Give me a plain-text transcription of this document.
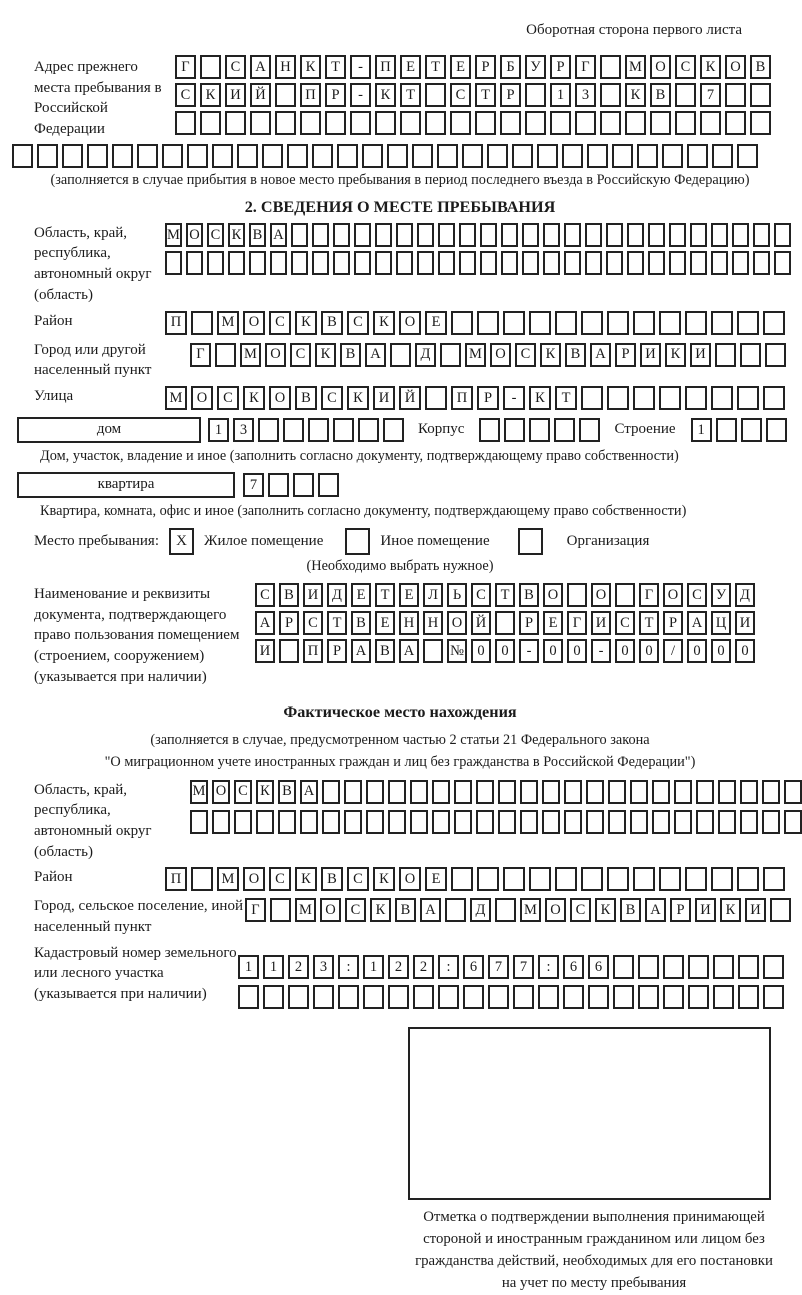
Оборотная сторона первого листа
Адрес прежнего места пребывания в Российской Федерации
Г	С	А	Н	К	Т	-	П	Е	Т	Е	Р	Б	У	Р	Г	М О	С	К	О	В
С	К	И	Й	П	Р	-	К	Т	С	Т	Р	1	3	К	В	7
(заполняется в случае прибытия в новое место пребывания в период последнего въезда в Российскую Федерацию)
2. СВЕДЕНИЯ О МЕСТЕ ПРЕБЫВАНИЯ
Область, край, республика, автономный округ (область)
М О С К В А
Район	П	М О	С	К	В	С	К	О	Е
Город или другой населенный пункт
Г	М О	С	К	В	А	Д	М О	С	К	В	А	Р	И	К	И
Улица	М О	С	К	О	В	С	К	И	Й	П	Р	-	К	Т
дом	1	3	Корпус	Строение	1
Дом, участок, владение и иное (заполнить согласно документу, подтверждающему право собственности)
квартира	7
Квартира, комната, офис и иное (заполнить согласно документу, подтверждающему право собственности)
Место пребывания:	X	Жилое помещение	Иное помещение	Организация
(Необходимо выбрать нужное)
Наименование и реквизиты документа, подтверждающего право пользования помещением (строением, сооружением) (указывается при наличии)
С В И Д	Е	Т	Е	Л	Ь	С	Т	В О	О	Г	О С У Д
А	Р	С	Т	В	Е Н Н О Й	Р	Е	Г	И С	Т	Р	А Ц И
И	П	Р	А В А	№ 0	0	-	0	0	-	0	0	/	0	0	0
Фактическое место нахождения
(заполняется в случае, предусмотренном частью 2 статьи 21 Федерального закона
"О миграционном учете иностранных граждан и лиц без гражданства в Российской Федерации")
Область, край, республика, автономный округ (область)
М О С К В А
Район	П	М О	С	К	В	С	К	О	Е
Город, сельское поселение, иной населенный пункт
Г	М О	С	К	В	А	Д	М О	С	К	В	А	Р	И	К	И
Кадастровый номер земельного или лесного участка (указывается при наличии)
1	1	2	3	:	1	2	2	:	6	7	7	:	6	6
Отметка о подтверждении выполнения принимающей стороной и иностранным гражданином или лицом без гражданства действий, необходимых для его постановки на учет по месту пребывания
